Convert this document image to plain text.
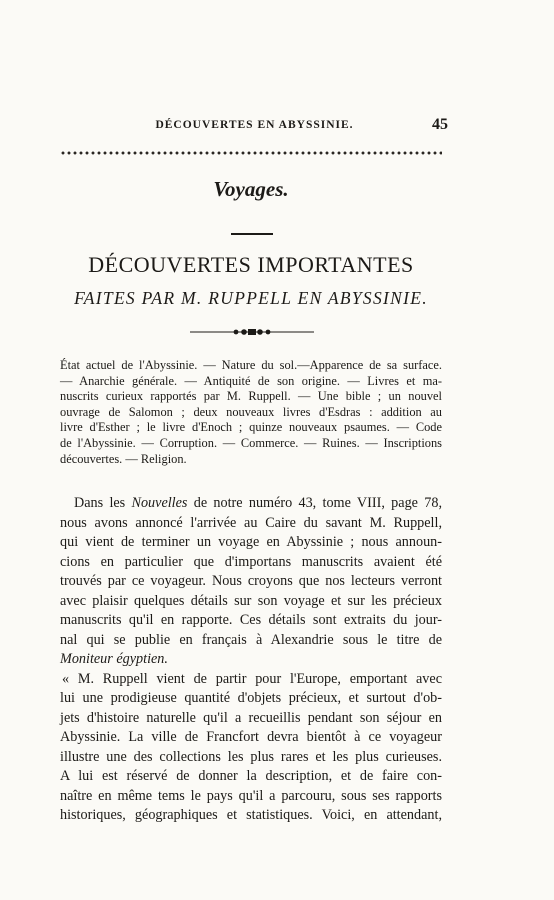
DÉCOUVERTES EN ABYSSINIE.	45
Voyages.
DÉCOUVERTES IMPORTANTES
FAITES PAR M. RUPPELL EN ABYSSINIE.
État actuel de l'Abyssinie. — Nature du sol.—Apparence de sa surface.
— Anarchie générale. — Antiquité de son origine. — Livres et ma-
nuscrits curieux rapportés par M. Ruppell. — Une bible ; un nouvel
ouvrage de Salomon ; deux nouveaux livres d'Esdras : addition au
livre d'Esther ; le livre d'Enoch ; quinze nouveaux psaumes. — Code
de l'Abyssinie. — Corruption. — Commerce. — Ruines. — Inscriptions
découvertes. — Religion.
Dans les Nouvelles de notre numéro 43, tome VIII, page 78,
nous avons annoncé l'arrivée au Caire du savant M. Ruppell,
qui vient de terminer un voyage en Abyssinie ; nous announ-
cions en particulier que d'importans manuscrits avaient été
trouvés par ce voyageur. Nous croyons que nos lecteurs verront
avec plaisir quelques détails sur son voyage et sur les précieux
manuscrits qu'il en rapporte. Ces détails sont extraits du jour-
nal qui se publie en français à Alexandrie sous le titre de
Moniteur égyptien.
« M. Ruppell vient de partir pour l'Europe, emportant avec
lui une prodigieuse quantité d'objets précieux, et surtout d'ob-
jets d'histoire naturelle qu'il a recueillis pendant son séjour en
Abyssinie. La ville de Francfort devra bientôt à ce voyageur
illustre une des collections les plus rares et les plus curieuses.
A lui est réservé de donner la description, et de faire con-
naître en même tems le pays qu'il a parcouru, sous ses rapports
historiques, géographiques et statistiques. Voici, en attendant,
